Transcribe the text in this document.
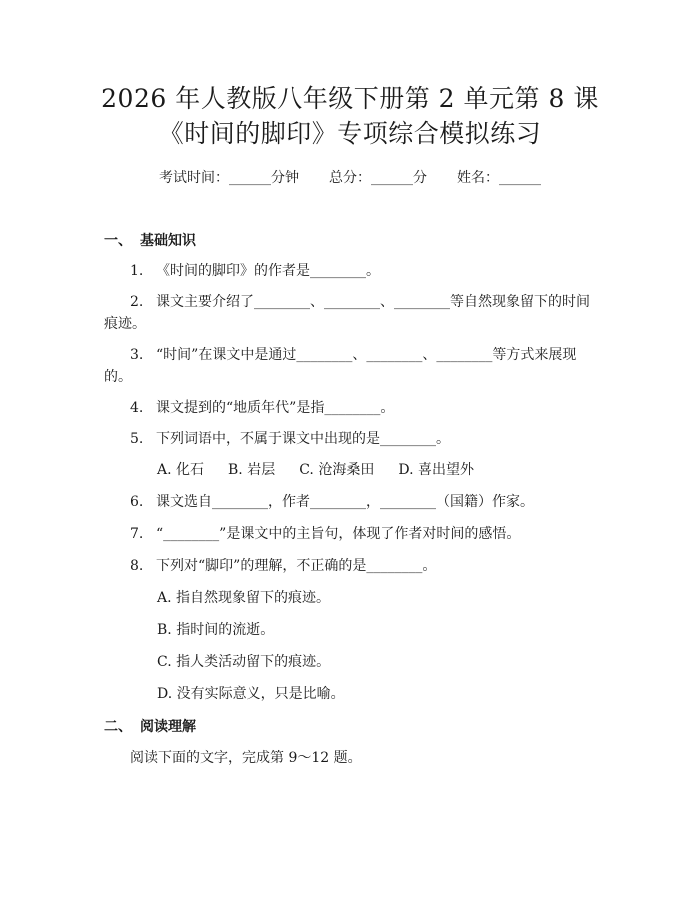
2026 年人教版八年级下册第 2 单元第 8 课
《时间的脚印》专项综合模拟练习
考试时间：______分钟 总分：______分 姓名：______
一、 基础知识
1. 《时间的脚印》的作者是________。
2. 课文主要介绍了________、________、________等自然现象留下的时间痕迹。
3. “时间”在课文中是通过________、________、________等方式来展现的。
4. 课文提到的“地质年代”是指________。
5. 下列词语中，不属于课文中出现的是________。
A. 化石 B. 岩层 C. 沧海桑田 D. 喜出望外
6. 课文选自________，作者________，________（国籍）作家。
7. “________”是课文中的主旨句，体现了作者对时间的感悟。
8. 下列对“脚印”的理解，不正确的是________。
A. 指自然现象留下的痕迹。
B. 指时间的流逝。
C. 指人类活动留下的痕迹。
D. 没有实际意义，只是比喻。
二、 阅读理解
阅读下面的文字，完成第 9～12 题。
